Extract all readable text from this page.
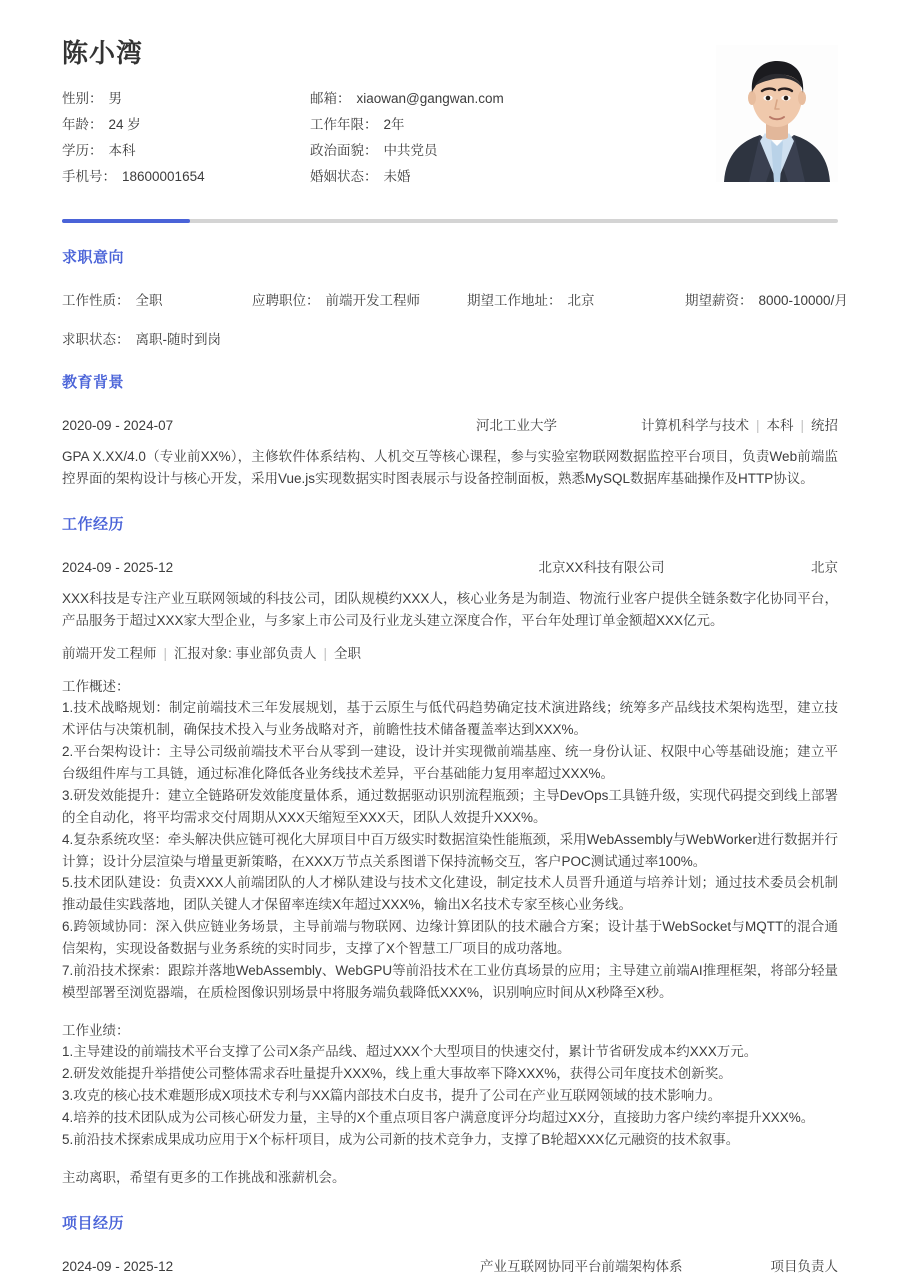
陈小湾
性别： 男	邮箱： xiaowan@gangwan.com
年龄： 24 岁	工作年限： 2年
学历： 本科	政治面貌： 中共党员
手机号： 18600001654	婚姻状态： 未婚
求职意向
工作性质： 全职	应聘职位： 前端开发工程师	期望工作地址： 北京	期望薪资： 8000-10000/月
求职状态： 离职-随时到岗
教育背景
2020-09 - 2024-07	河北工业大学	计算机科学与技术 | 本科 | 统招

GPA X.XX/4.0（专业前XX%），主修软件体系结构、人机交互等核心课程，参与实验室物联网数据监控平台项目，负责Web前端监控界面的架构设计与核心开发，采用Vue.js实现数据实时图表展示与设备控制面板，熟悉MySQL数据库基础操作及HTTP协议。

工作经历
2024-09 - 2025-12	北京XX科技有限公司	北京

XXX科技是专注产业互联网领域的科技公司，团队规模约XXX人，核心业务是为制造、物流行业客户提供全链条数字化协同平台，产品服务于超过XXX家大型企业，与多家上市公司及行业龙头建立深度合作，平台年处理订单金额超XXX亿元。

前端开发工程师 | 汇报对象: 事业部负责人 | 全职

工作概述：

1.技术战略规划：制定前端技术三年发展规划，基于云原生与低代码趋势确定技术演进路线；统筹多产品线技术架构选型，建立技术评估与决策机制，确保技术投入与业务战略对齐，前瞻性技术储备覆盖率达到XXX%。

2.平台架构设计：主导公司级前端技术平台从零到一建设，设计并实现微前端基座、统一身份认证、权限中心等基础设施；建立平台级组件库与工具链，通过标准化降低各业务线技术差异，平台基础能力复用率超过XXX%。

3.研发效能提升：建立全链路研发效能度量体系，通过数据驱动识别流程瓶颈；主导DevOps工具链升级，实现代码提交到线上部署的全自动化，将平均需求交付周期从XXX天缩短至XXX天，团队人效提升XXX%。

4.复杂系统攻坚：牵头解决供应链可视化大屏项目中百万级实时数据渲染性能瓶颈，采用WebAssembly与WebWorker进行数据并行计算；设计分层渲染与增量更新策略，在XXX万节点关系图谱下保持流畅交互，客户POC测试通过率100%。

5.技术团队建设：负责XXX人前端团队的人才梯队建设与技术文化建设，制定技术人员晋升通道与培养计划；通过技术委员会机制推动最佳实践落地，团队关键人才保留率连续X年超过XXX%，输出X名技术专家至核心业务线。

6.跨领域协同：深入供应链业务场景，主导前端与物联网、边缘计算团队的技术融合方案；设计基于WebSocket与MQTT的混合通信架构，实现设备数据与业务系统的实时同步，支撑了X个智慧工厂项目的成功落地。

7.前沿技术探索：跟踪并落地WebAssembly、WebGPU等前沿技术在工业仿真场景的应用；主导建立前端AI推理框架，将部分轻量模型部署至浏览器端，在质检图像识别场景中将服务端负载降低XXX%，识别响应时间从X秒降至X秒。

工作业绩：

1.主导建设的前端技术平台支撑了公司X条产品线、超过XXX个大型项目的快速交付，累计节省研发成本约XXX万元。

2.研发效能提升举措使公司整体需求吞吐量提升XXX%，线上重大事故率下降XXX%，获得公司年度技术创新奖。

3.攻克的核心技术难题形成X项技术专利与XX篇内部技术白皮书，提升了公司在产业互联网领域的技术影响力。

4.培养的技术团队成为公司核心研发力量，主导的X个重点项目客户满意度评分均超过XX分，直接助力客户续约率提升XXX%。

5.前沿技术探索成果成功应用于X个标杆项目，成为公司新的技术竞争力，支撑了B轮超XXX亿元融资的技术叙事。

主动离职，希望有更多的工作挑战和涨薪机会。

项目经历
2024-09 - 2025-12	产业互联网协同平台前端架构体系	项目负责人
